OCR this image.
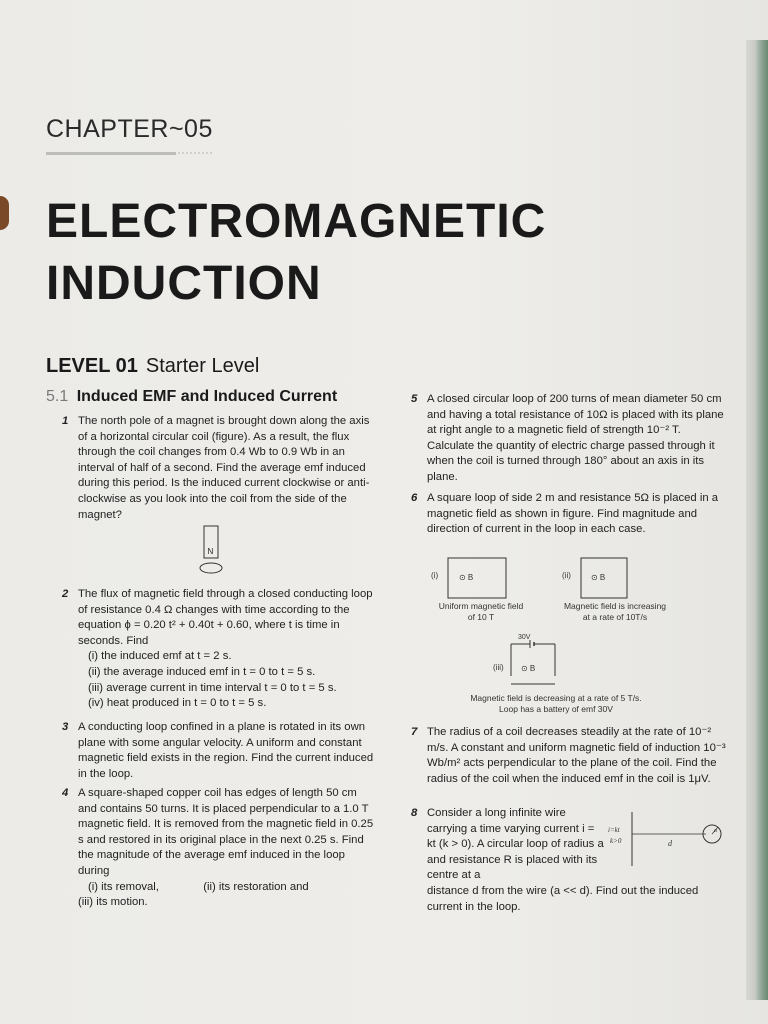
CHAPTER~05
ELECTROMAGNETIC
INDUCTION
LEVEL 01 Starter Level
5.1 Induced EMF and Induced Current
1 The north pole of a magnet is brought down along the axis of a horizontal circular coil (figure). As a result, the flux through the coil changes from 0.4 Wb to 0.9 Wb in an interval of half of a second. Find the average emf induced during this period. Is the induced current clockwise or anti-clockwise as you look into the coil from the side of the magnet?
N
2 The flux of magnetic field through a closed conducting loop of resistance 0.4 Ω changes with time according to the equation ϕ = 0.20 t² + 0.40t + 0.60, where t is time in seconds. Find
(i) the induced emf at t = 2 s.
(ii) the average induced emf in t = 0 to t = 5 s.
(iii) average current in time interval t = 0 to t = 5 s.
(iv) heat produced in t = 0 to t = 5 s.
3 A conducting loop confined in a plane is rotated in its own plane with some angular velocity. A uniform and constant magnetic field exists in the region. Find the current induced in the loop.
4 A square-shaped copper coil has edges of length 50 cm and contains 50 turns. It is placed perpendicular to a 1.0 T magnetic field. It is removed from the magnetic field in 0.25 s and restored in its original place in the next 0.25 s. Find the magnitude of the average emf induced in the loop during
(i) its removal,	(ii) its restoration and
(iii) its motion.
5 A closed circular loop of 200 turns of mean diameter 50 cm and having a total resistance of 10Ω is placed with its plane at right angle to a magnetic field of strength 10⁻² T. Calculate the quantity of electric charge passed through it when the coil is turned through 180° about an axis in its plane.
6 A square loop of side 2 m and resistance 5Ω is placed in a magnetic field as shown in figure. Find magnitude and direction of current in the loop in each case.
(i)	⊙ B	(ii)	⊙ B
30V
(iii) ⊙ B
Uniform magnetic field
of 10 T
Magnetic field is increasing
at a rate of 10T/s
Magnetic field is decreasing at a rate of 5 T/s.
Loop has a battery of emf 30V
7 The radius of a coil decreases steadily at the rate of 10⁻² m/s. A constant and uniform magnetic field of induction 10⁻³ Wb/m² acts perpendicular to the plane of the coil. Find the radius of the coil when the induced emf in the coil is 1μV.
8 Consider a long infinite wire carrying a time varying current i = kt (k > 0). A circular loop of radius a and resistance R is placed with its centre at a
distance d from the wire (a << d). Find out the induced current in the loop.
i=kt
k>0	d
a
